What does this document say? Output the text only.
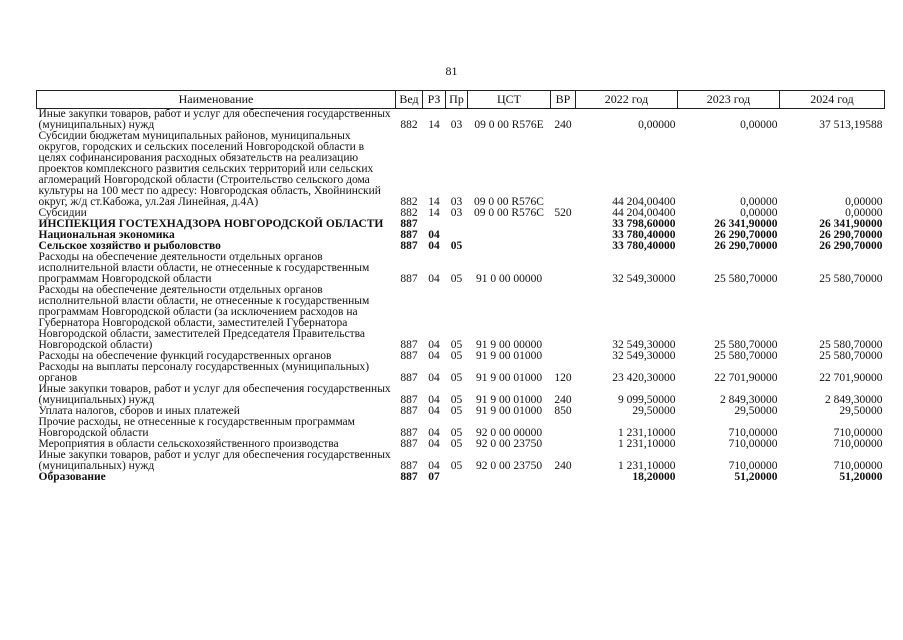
81
Наименование	Вед	РЗ	Пр	ЦСТ	ВР	2022 год	2023 год	2024 год
Иные закупки товаров, работ и услуг для обеспечения государственных (муниципальных) нужд	882	14	03	09 0 00 R576E	240	0,00000	0,00000	37 513,19588
Субсидии бюджетам муниципальных районов, муниципальных округов, городских и сельских поселений Новгородской области в целях софинансирования расходных обязательств на реализацию проектов комплексного развития сельских территорий или сельских агломераций Новгородской области (Строительство сельского дома культуры на 100 мест по адресу: Новгородская область, Хвойнинский округ, ж/д ст.Кабожа, ул.2ая Линейная, д.4А)	882	14	03	09 0 00 R576С		44 204,00400	0,00000	0,00000
Субсидии	882	14	03	09 0 00 R576С	520	44 204,00400	0,00000	0,00000
ИНСПЕКЦИЯ ГОСТЕХНАДЗОРА НОВГОРОДСКОЙ ОБЛАСТИ	887					33 798,60000	26 341,90000	26 341,90000
Национальная экономика	887	04				33 780,40000	26 290,70000	26 290,70000
Сельское хозяйство и рыболовство	887	04	05			33 780,40000	26 290,70000	26 290,70000
Расходы на обеспечение деятельности отдельных органов исполнительной власти области, не отнесенные к государственным программам Новгородской области	887	04	05	91 0 00 00000		32 549,30000	25 580,70000	25 580,70000
Расходы на обеспечение деятельности отдельных органов исполнительной власти области, не отнесенные к государственным программам Новгородской области (за исключением расходов на Губернатора Новгородской области, заместителей Губернатора Новгородской области, заместителей Председателя Правительства Новгородской области)	887	04	05	91 9 00 00000		32 549,30000	25 580,70000	25 580,70000
Расходы на обеспечение функций государственных органов	887	04	05	91 9 00 01000		32 549,30000	25 580,70000	25 580,70000
Расходы на выплаты персоналу государственных (муниципальных) органов	887	04	05	91 9 00 01000	120	23 420,30000	22 701,90000	22 701,90000
Иные закупки товаров, работ и услуг для обеспечения государственных (муниципальных) нужд	887	04	05	91 9 00 01000	240	9 099,50000	2 849,30000	2 849,30000
Уплата налогов, сборов и иных платежей	887	04	05	91 9 00 01000	850	29,50000	29,50000	29,50000
Прочие расходы, не отнесенные к государственным программам Новгородской области	887	04	05	92 0 00 00000		1 231,10000	710,00000	710,00000
Мероприятия в области сельскохозяйственного производства	887	04	05	92 0 00 23750		1 231,10000	710,00000	710,00000
Иные закупки товаров, работ и услуг для обеспечения государственных (муниципальных) нужд	887	04	05	92 0 00 23750	240	1 231,10000	710,00000	710,00000
Образование	887	07				18,20000	51,20000	51,20000
